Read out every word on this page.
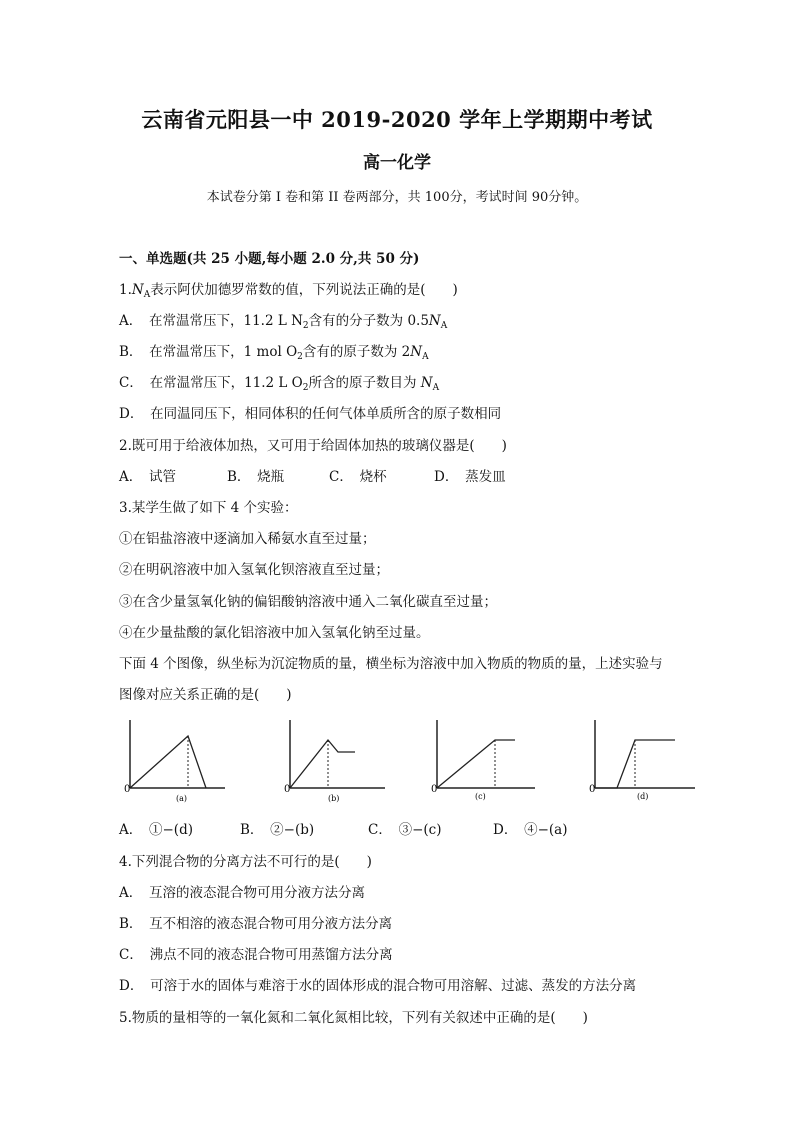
云南省元阳县一中 2019-2020 学年上学期期中考试
高一化学
本试卷分第 I 卷和第 II 卷两部分，共 100分，考试时间 90分钟。
一、单选题(共 25 小题,每小题 2.0 分,共 50 分)
$1.N_A$表示阿伏加德罗常数的值，下列说法正确的是(　　)
A．　在常温常压下，11.2 L $N_2$含有的分子数为 $0.5N_A$
B．　在常温常压下，1 mol $O_2$含有的原子数为 $2N_A$
C．　在常温常压下，11.2 L $O_2$所含的原子数目为 $N_A$
D．　在同温同压下，相同体积的任何气体单质所含的原子数相同
2.既可用于给液体加热，又可用于给固体加热的玻璃仪器是(　　)
A．　试管	B．　烧瓶	C．　烧杯	D．　蒸发皿
3.某学生做了如下 4 个实验：
①在铝盐溶液中逐滴加入稀氨水直至过量；
②在明矾溶液中加入氢氧化钡溶液直至过量；
③在含少量氢氧化钠的偏铝酸钠溶液中通入二氧化碳直至过量；
④在少量盐酸的氯化铝溶液中加入氢氧化钠至过量。
下面 4 个图像，纵坐标为沉淀物质的量，横坐标为溶液中加入物质的物质的量，上述实验与
图像对应关系正确的是(　　)
0
(a)
0
(b)
0
(c)
0
(d)
A．　①−(d)	B．　②−(b)	C．　③−(c)	D．　④−(a)
4.下列混合物的分离方法不可行的是(　　)
A．　互溶的液态混合物可用分液方法分离
B．　互不相溶的液态混合物可用分液方法分离
C．　沸点不同的液态混合物可用蒸馏方法分离
D．　可溶于水的固体与难溶于水的固体形成的混合物可用溶解、过滤、蒸发的方法分离
5.物质的量相等的一氧化氮和二氧化氮相比较，下列有关叙述中正确的是(　　)
